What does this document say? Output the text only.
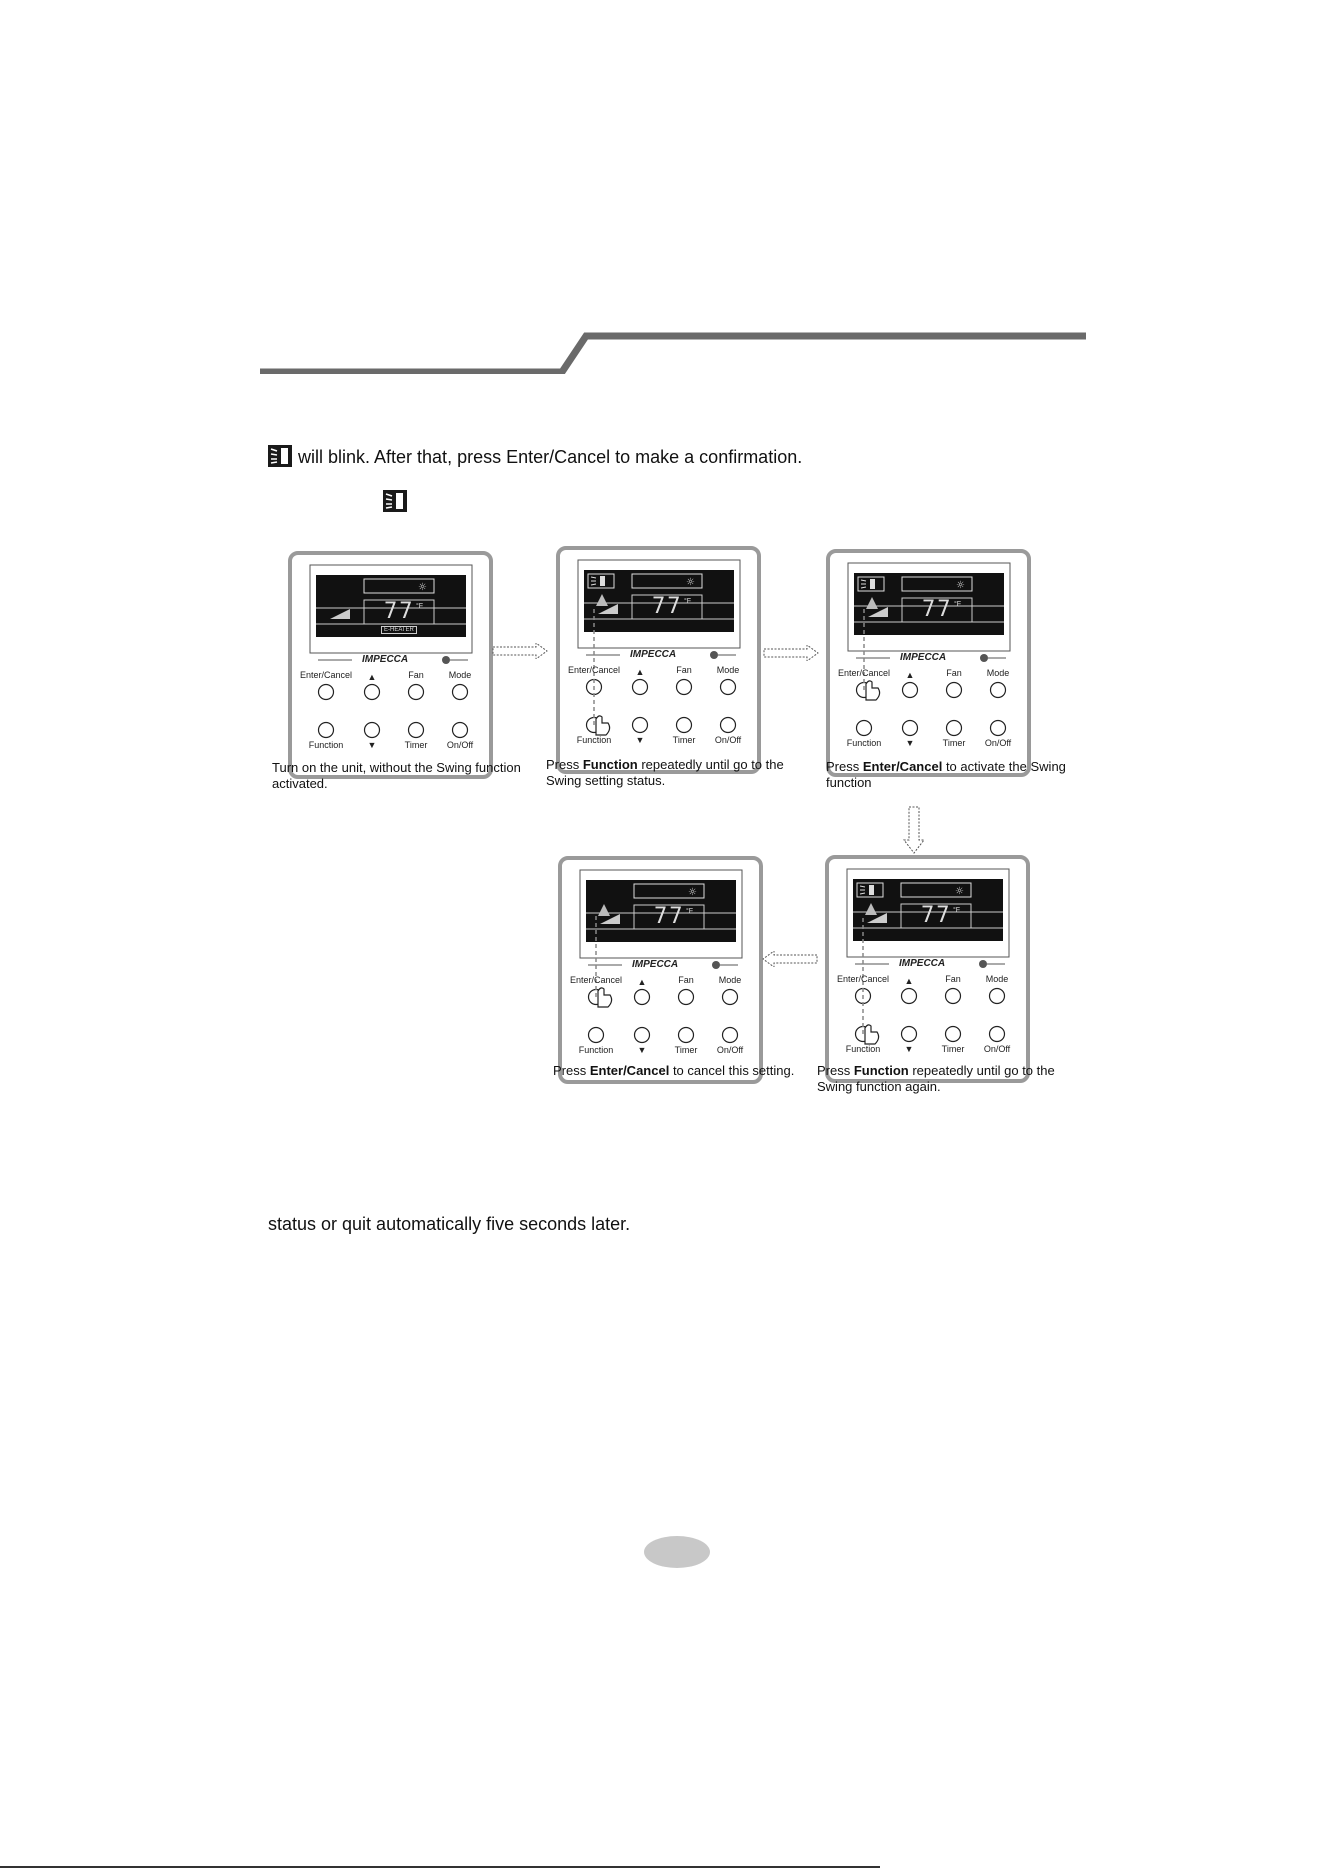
will blink. After that, press Enter/Cancel to make a confirmation.
☼
77 °F
E-HEATER
IMPECCA
Enter/Cancel	▲	Fan	Mode
Function	▼	Timer	On/Off
☼
77 °F
IMPECCA
Enter/Cancel	▲	Fan	Mode
Function	▼	Timer	On/Off
☼
77 °F
IMPECCA
Enter/Cancel	▲	Fan	Mode
Function	▼	Timer	On/Off
☼
77 °F
IMPECCA
Enter/Cancel	▲	Fan	Mode
Function	▼	Timer	On/Off
☼
77 °F
IMPECCA
Enter/Cancel	▲	Fan	Mode
Function	▼	Timer	On/Off
Turn on the unit, without the Swing function activated.
Press Function repeatedly until go to the Swing setting status.
Press Enter/Cancel to activate the Swing function
Press Enter/Cancel to cancel this setting.	Press Function repeatedly until go to the Swing function again.
status or quit automatically five seconds later.
